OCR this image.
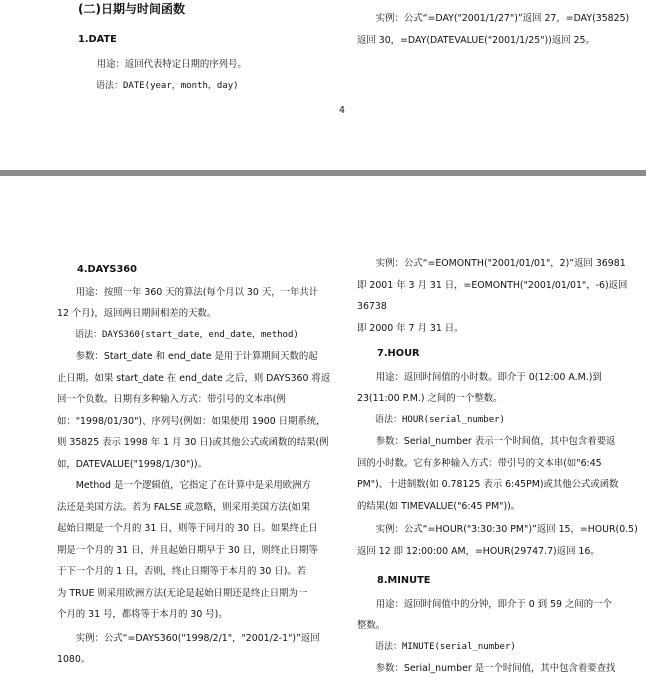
(二)日期与时间函数

1.DATE

用途：返回代表特定日期的序列号。

语法：DATE(year，month，day)

4

实例：公式“=DAY("2001/1/27")”返回 27，=DAY(35825)

返回 30，=DAY(DATEVALUE("2001/1/25"))返回 25。

4.DAYS360

用途：按照一年 360 天的算法(每个月以 30 天，一年共计

12 个月)，返回两日期间相差的天数。

语法：DAYS360(start_date，end_date，method)

参数：Start_date 和 end_date 是用于计算期间天数的起

止日期。如果 start_date 在 end_date 之后，则 DAYS360 将返

回一个负数。日期有多种输入方式：带引号的文本串(例

如："1998/01/30")、序列号(例如：如果使用 1900 日期系统，

则 35825 表示 1998 年 1 月 30 日)或其他公式或函数的结果(例

如，DATEVALUE("1998/1/30"))。

Method 是一个逻辑值，它指定了在计算中是采用欧洲方

法还是美国方法。若为 FALSE 或忽略，则采用美国方法(如果

起始日期是一个月的 31 日，则等于同月的 30 日。如果终止日

期是一个月的 31 日，并且起始日期早于 30 日，则终止日期等

于下一个月的 1 日，否则，终止日期等于本月的 30 日)。若

为 TRUE 则采用欧洲方法(无论是起始日期还是终止日期为一

个月的 31 号，都将等于本月的 30 号)。

实例：公式“=DAYS360("1998/2/1"，"2001/2-1")”返回

1080。

实例：公式“=EOMONTH("2001/01/01"，2)”返回 36981

即 2001 年 3 月 31 日，=EOMONTH("2001/01/01"，-6)返回 36738

即 2000 年 7 月 31 日。

7.HOUR

用途：返回时间值的小时数。即介于 0(12:00 A.M.)到

23(11:00 P.M.) 之间的一个整数。

语法：HOUR(serial_number)

参数：Serial_number 表示一个时间值，其中包含着要返

回的小时数。它有多种输入方式：带引号的文本串(如"6:45

PM")、十进制数(如 0.78125 表示 6:45PM)或其他公式或函数

的结果(如 TIMEVALUE("6:45 PM"))。

实例：公式“=HOUR("3:30:30 PM")”返回 15，=HOUR(0.5)

返回 12 即 12:00:00 AM，=HOUR(29747.7)返回 16。

8.MINUTE

用途：返回时间值中的分钟，即介于 0 到 59 之间的一个

整数。

语法：MINUTE(serial_number)

参数：Serial_number 是一个时间值，其中包含着要查找
